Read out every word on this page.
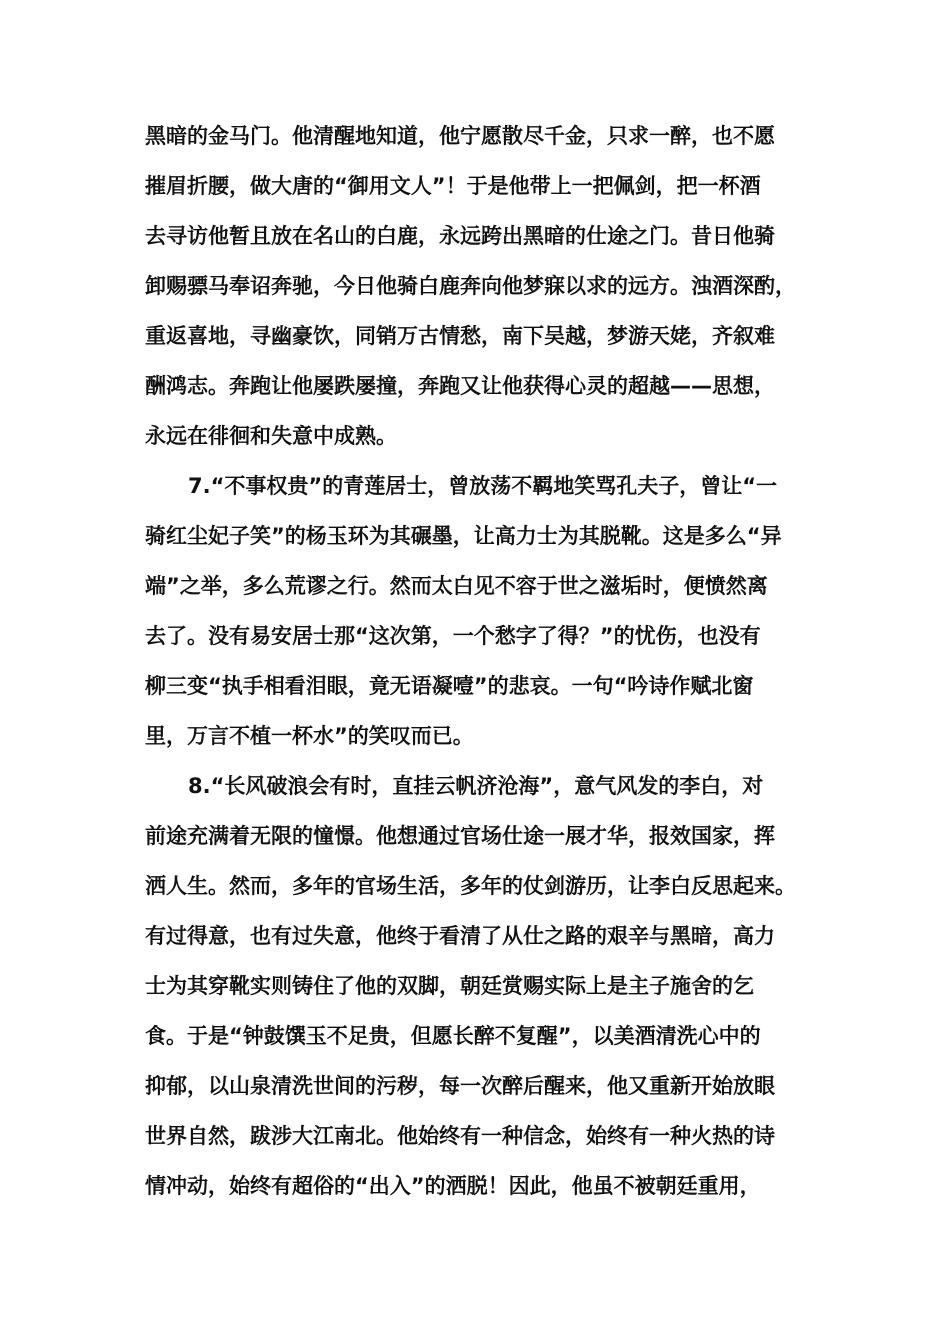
黑暗的金马门。他清醒地知道，他宁愿散尽千金，只求一醉，也不愿
摧眉折腰，做大唐的“御用文人”！于是他带上一把佩剑，把一杯酒
去寻访他暂且放在名山的白鹿，永远跨出黑暗的仕途之门。昔日他骑
卸赐骠马奉诏奔驰，今日他骑白鹿奔向他梦寐以求的远方。浊酒深酌，
重返喜地，寻幽豪饮，同销万古情愁，南下吴越，梦游天姥，齐叙难
酬鸿志。奔跑让他屡跌屡撞，奔跑又让他获得心灵的超越——思想，
永远在徘徊和失意中成熟。
7.“不事权贵”的青莲居士，曾放荡不羁地笑骂孔夫子，曾让“一
骑红尘妃子笑”的杨玉环为其碾墨，让高力士为其脱靴。这是多么“异
端”之举，多么荒谬之行。然而太白见不容于世之滋垢时，便愤然离
去了。没有易安居士那“这次第，一个愁字了得？”的忧伤，也没有
柳三变“执手相看泪眼，竟无语凝噎”的悲哀。一句“吟诗作赋北窗
里，万言不植一杯水”的笑叹而已。
8.“长风破浪会有时，直挂云帆济沧海”，意气风发的李白，对
前途充满着无限的憧憬。他想通过官场仕途一展才华，报效国家，挥
洒人生。然而，多年的官场生活，多年的仗剑游历，让李白反思起来。
有过得意，也有过失意，他终于看清了从仕之路的艰辛与黑暗，高力
士为其穿靴实则铸住了他的双脚，朝廷赏赐实际上是主子施舍的乞
食。于是“钟鼓馔玉不足贵，但愿长醉不复醒”，以美酒清洗心中的
抑郁，以山泉清洗世间的污秽，每一次醉后醒来，他又重新开始放眼
世界自然，跋涉大江南北。他始终有一种信念，始终有一种火热的诗
情冲动，始终有超俗的“出入”的洒脱！因此，他虽不被朝廷重用，
